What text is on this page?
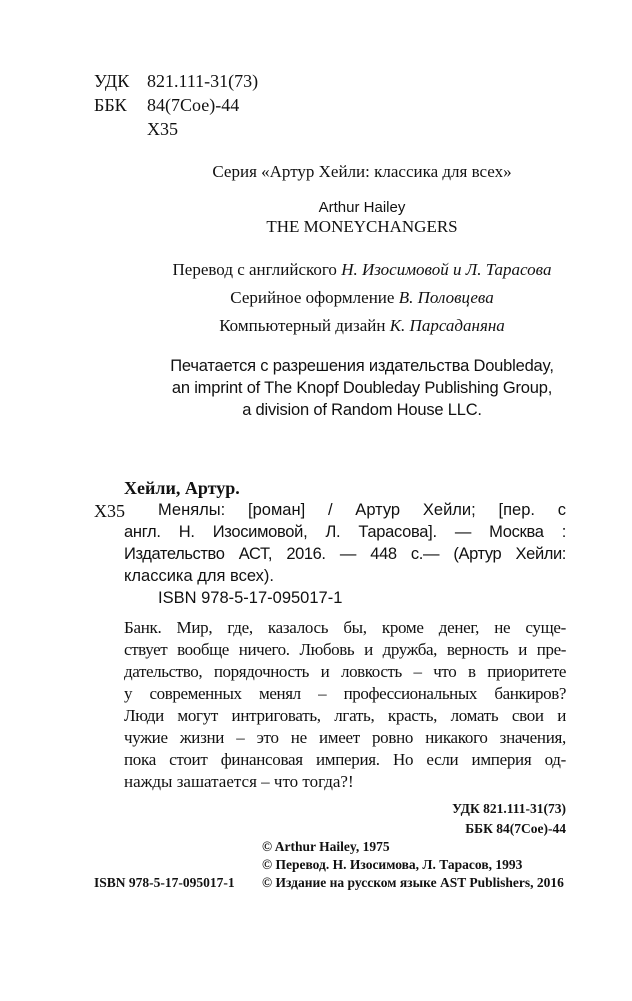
УДК 821.111-31(73)
ББК 84(7Сое)-44
Х35
Серия «Артур Хейли: классика для всех»
Arthur Hailey
THE MONEYCHANGERS
Перевод с английского Н. Изосимовой и Л. Тарасова
Серийное оформление В. Половцева
Компьютерный дизайн К. Парсаданяна
Печатается с разрешения издательства Doubleday,
an imprint of The Knopf Doubleday Publishing Group,
a division of Random House LLC.
Хейли, Артур.
Х35 Менялы: [роман] / Артур Хейли; [пер. с
англ. Н. Изосимовой, Л. Тарасова]. — Москва :
Издательство АСТ, 2016. — 448 с.— (Артур Хейли:
классика для всех).
ISBN 978-5-17-095017-1
Банк. Мир, где, казалось бы, кроме денег, не суще-
ствует вообще ничего. Любовь и дружба, верность и пре-
дательство, порядочность и ловкость – что в приоритете
у современных менял – профессиональных банкиров?
Люди могут интриговать, лгать, красть, ломать свои и
чужие жизни – это не имеет ровно никакого значения,
пока стоит финансовая империя. Но если империя од-
нажды зашатается – что тогда?!
УДК 821.111-31(73)
ББК 84(7Сое)-44
© Arthur Hailey, 1975
© Перевод. Н. Изосимова, Л. Тарасов, 1993
ISBN 978-5-17-095017-1 © Издание на русском языке AST Publishers, 2016
